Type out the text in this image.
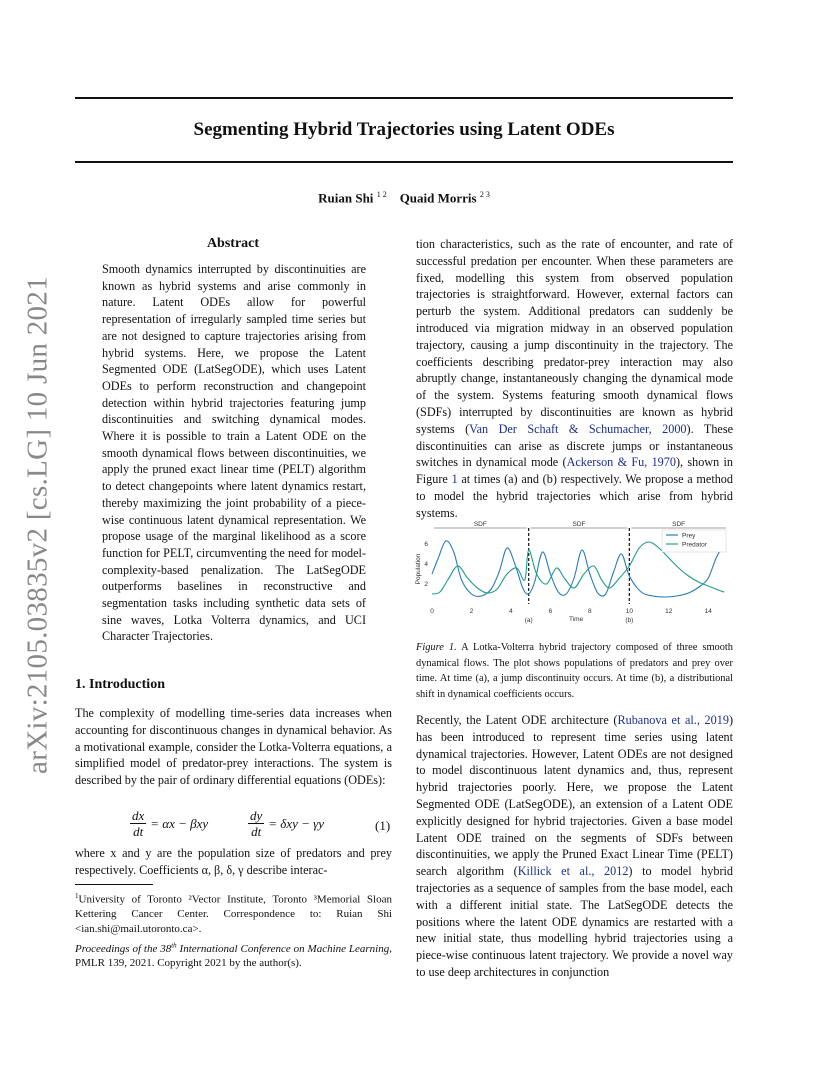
Segmenting Hybrid Trajectories using Latent ODEs
Ruian Shi $^{1 2}$ Quaid Morris $^{2 3}$
arXiv:2105.03835v2 [cs.LG] 10 Jun 2021
Abstract
Smooth dynamics interrupted by discontinuities are known as hybrid systems and arise commonly in nature. Latent ODEs allow for powerful representation of irregularly sampled time series but are not designed to capture trajectories arising from hybrid systems. Here, we propose the Latent Segmented ODE (LatSegODE), which uses Latent ODEs to perform reconstruction and changepoint detection within hybrid trajectories featuring jump discontinuities and switching dynamical modes. Where it is possible to train a Latent ODE on the smooth dynamical flows between discontinuities, we apply the pruned exact linear time (PELT) algorithm to detect changepoints where latent dynamics restart, thereby maximizing the joint probability of a piece-wise continuous latent dynamical representation. We propose usage of the marginal likelihood as a score function for PELT, circumventing the need for model-complexity-based penalization. The LatSegODE outperforms baselines in reconstructive and segmentation tasks including synthetic data sets of sine waves, Lotka Volterra dynamics, and UCI Character Trajectories.
1. Introduction
The complexity of modelling time-series data increases when accounting for discontinuous changes in dynamical behavior. As a motivational example, consider the Lotka-Volterra equations, a simplified model of predator-prey interactions. The system is described by the pair of ordinary differential equations (ODEs):
$\frac{dx}{dt} = \alpha x - \beta xy$	$\frac{dy}{dt} = \delta xy - \gamma y$	(1)
where x and y are the population size of predators and prey respectively. Coefficients α, β, δ, γ describe interac-
$^1$University of Toronto ²Vector Institute, Toronto ³Memorial Sloan Kettering Cancer Center. Correspondence to: Ruian Shi <ian.shi@mail.utoronto.ca>.
Proceedings of the 38th International Conference on Machine Learning, PMLR 139, 2021. Copyright 2021 by the author(s).
tion characteristics, such as the rate of encounter, and rate of successful predation per encounter. When these parameters are fixed, modelling this system from observed population trajectories is straightforward. However, external factors can perturb the system. Additional predators can suddenly be introduced via migration midway in an observed population trajectory, causing a jump discontinuity in the trajectory. The coefficients describing predator-prey interaction may also abruptly change, instantaneously changing the dynamical mode of the system. Systems featuring smooth dynamical flows (SDFs) interrupted by discontinuities are known as hybrid systems (Van Der Schaft & Schumacher, 2000). These discontinuities can arise as discrete jumps or instantaneous switches in dynamical mode (Ackerson & Fu, 1970), shown in Figure 1 at times (a) and (b) respectively. We propose a method to model the hybrid trajectories which arise from hybrid systems.
SDF	SDF	SDF
0	2	4	6	8	10	12	14
2
4
6
Time
Population
(a)	(b)
Prey
Predator
Figure 1. A Lotka-Volterra hybrid trajectory composed of three smooth dynamical flows. The plot shows populations of predators and prey over time. At time (a), a jump discontinuity occurs. At time (b), a distributional shift in dynamical coefficients occurs.
Recently, the Latent ODE architecture (Rubanova et al., 2019) has been introduced to represent time series using latent dynamical trajectories. However, Latent ODEs are not designed to model discontinuous latent dynamics and, thus, represent hybrid trajectories poorly. Here, we propose the Latent Segmented ODE (LatSegODE), an extension of a Latent ODE explicitly designed for hybrid trajectories. Given a base model Latent ODE trained on the segments of SDFs between discontinuities, we apply the Pruned Exact Linear Time (PELT) search algorithm (Killick et al., 2012) to model hybrid trajectories as a sequence of samples from the base model, each with a different initial state. The LatSegODE detects the positions where the latent ODE dynamics are restarted with a new initial state, thus modelling hybrid trajectories using a piece-wise continuous latent trajectory. We provide a novel way to use deep architectures in conjunction
